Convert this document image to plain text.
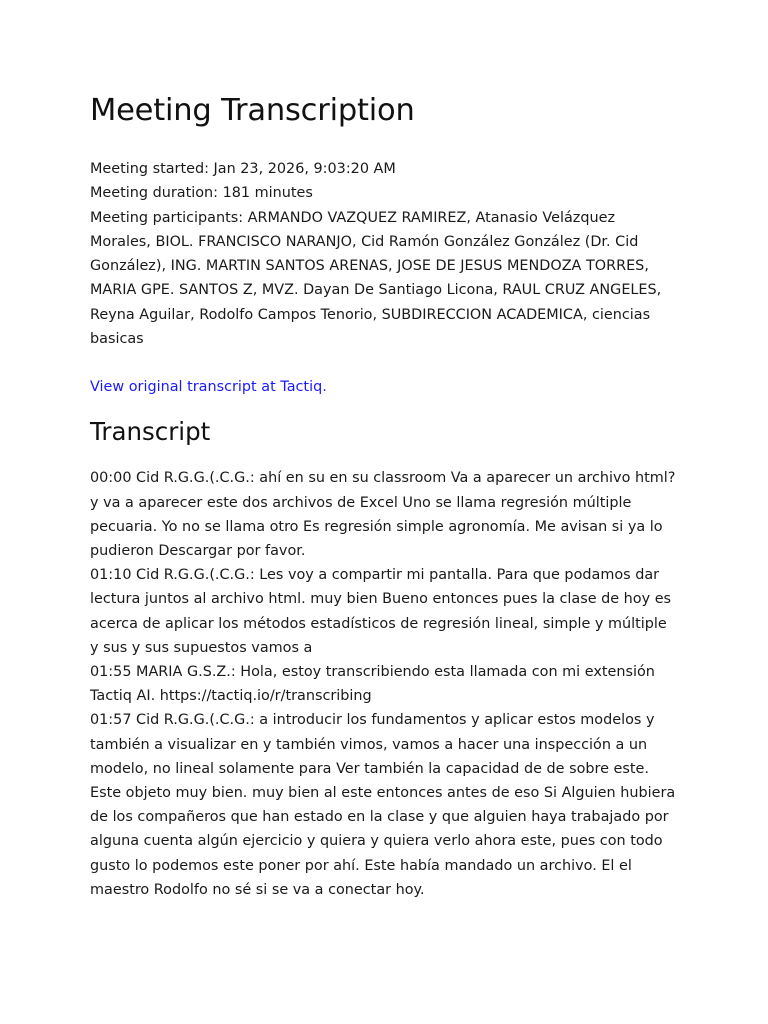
Meeting Transcription
Meeting started: Jan 23, 2026, 9:03:20 AM
Meeting duration: 181 minutes
Meeting participants: ARMANDO VAZQUEZ RAMIREZ, Atanasio Velázquez Morales, BIOL. FRANCISCO NARANJO, Cid Ramón González González (Dr. Cid González), ING. MARTIN SANTOS ARENAS, JOSE DE JESUS MENDOZA TORRES, MARIA GPE. SANTOS Z, MVZ. Dayan De Santiago Licona, RAUL CRUZ ANGELES, Reyna Aguilar, Rodolfo Campos Tenorio, SUBDIRECCION ACADEMICA, ciencias basicas
View original transcript at Tactiq.
Transcript
00:00 Cid R.G.G.(.C.G.: ahí en su en su classroom Va a aparecer un archivo html? y va a aparecer este dos archivos de Excel Uno se llama regresión múltiple pecuaria. Yo no se llama otro Es regresión simple agronomía. Me avisan si ya lo pudieron Descargar por favor.
01:10 Cid R.G.G.(.C.G.: Les voy a compartir mi pantalla. Para que podamos dar lectura juntos al archivo html. muy bien Bueno entonces pues la clase de hoy es acerca de aplicar los métodos estadísticos de regresión lineal, simple y múltiple y sus y sus supuestos vamos a
01:55 MARIA G.S.Z.: Hola, estoy transcribiendo esta llamada con mi extensión Tactiq AI. https://tactiq.io/r/transcribing
01:57 Cid R.G.G.(.C.G.: a introducir los fundamentos y aplicar estos modelos y también a visualizar en y también vimos, vamos a hacer una inspección a un modelo, no lineal solamente para Ver también la capacidad de de sobre este. Este objeto muy bien. muy bien al este entonces antes de eso Si Alguien hubiera de los compañeros que han estado en la clase y que alguien haya trabajado por alguna cuenta algún ejercicio y quiera y quiera verlo ahora este, pues con todo gusto lo podemos este poner por ahí. Este había mandado un archivo. El el maestro Rodolfo no sé si se va a conectar hoy.
